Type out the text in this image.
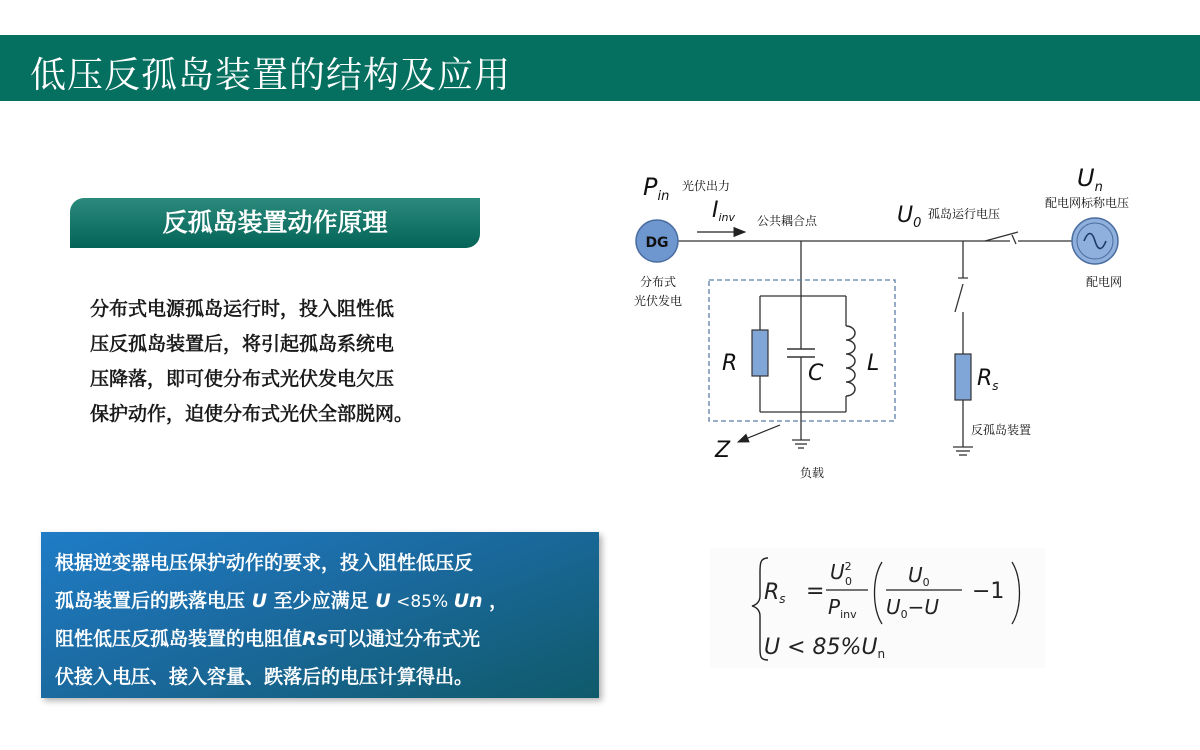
低压反孤岛装置的结构及应用
反孤岛装置动作原理
分布式电源孤岛运行时，投入阻性低
压反孤岛装置后，将引起孤岛系统电
压降落，即可使分布式光伏发电欠压
保护动作，迫使分布式光伏全部脱网。
根据逆变器电压保护动作的要求，投入阻性低压反
孤岛装置后的跌落电压 U 至少应满足 U <85% Un ，
阻性低压反孤岛装置的电阻值Rs可以通过分布式光
伏接入电压、接入容量、跌落后的电压计算得出。
DG
$P_{in}$
光伏出力
Iinv 公共耦合点	$U_0$
孤岛运行电压
$U_n$
配电网标称电压
分布式
光伏发电
配电网
R	C L
Z
负载
$R_s$
反孤岛装置
Rs =
$U^2$
0
$P_{inv}$
$U_0$
$U_0-U$
−1
U < 85%Un
